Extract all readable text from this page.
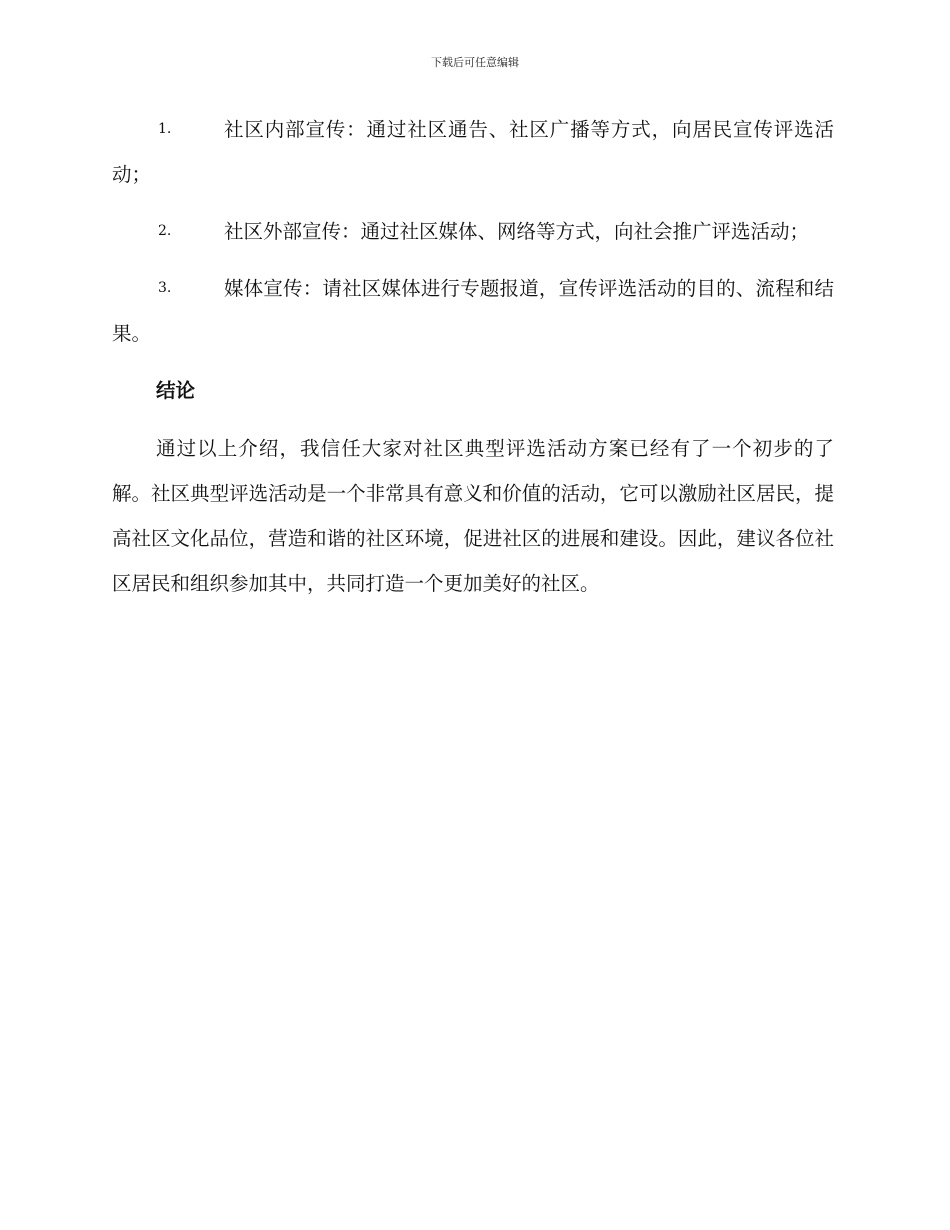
下载后可任意编辑

1.	社区内部宣传：通过社区通告、社区广播等方式，向居民宣传评选活动；

2.	社区外部宣传：通过社区媒体、网络等方式，向社会推广评选活动；

3.	媒体宣传：请社区媒体进行专题报道，宣传评选活动的目的、流程和结果。

结论

通过以上介绍，我信任大家对社区典型评选活动方案已经有了一个初步的了解。社区典型评选活动是一个非常具有意义和价值的活动，它可以激励社区居民，提高社区文化品位，营造和谐的社区环境，促进社区的进展和建设。因此，建议各位社区居民和组织参加其中，共同打造一个更加美好的社区。
